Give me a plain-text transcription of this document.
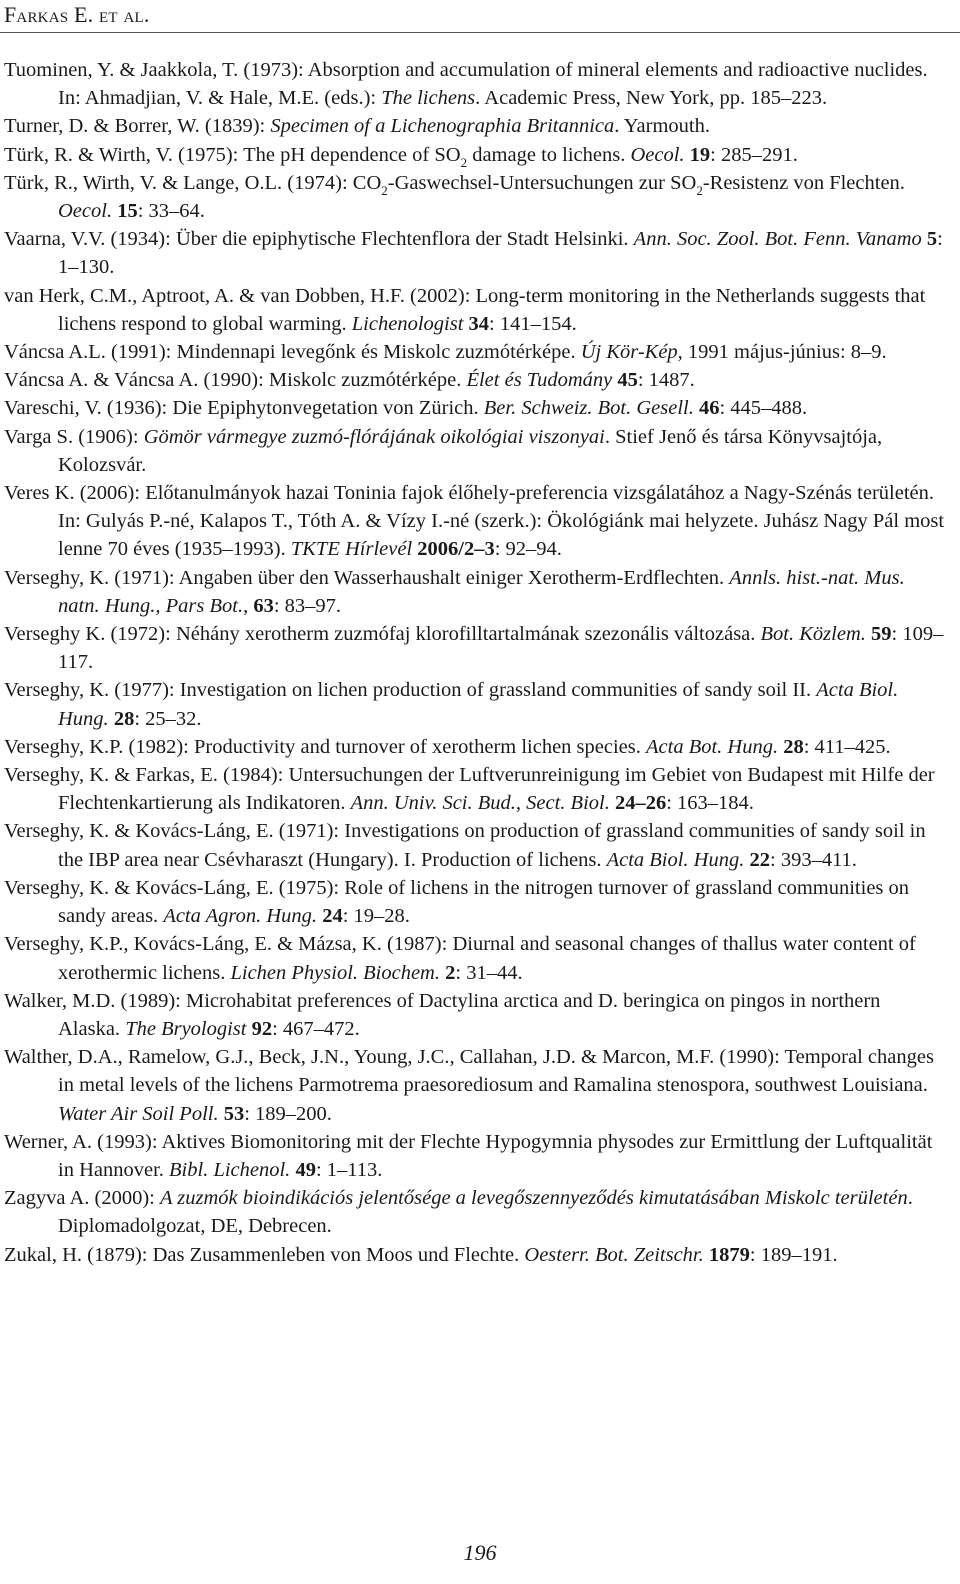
Farkas E. et al.
Tuominen, Y. & Jaakkola, T. (1973): Absorption and accumulation of mineral elements and radioactive nuclides. In: Ahmadjian, V. & Hale, M.E. (eds.): The lichens. Academic Press, New York, pp. 185–223.
Turner, D. & Borrer, W. (1839): Specimen of a Lichenographia Britannica. Yarmouth.
Türk, R. & Wirth, V. (1975): The pH dependence of $SO_2$ damage to lichens. Oecol. 19: 285–291.
Türk, R., Wirth, V. & Lange, O.L. (1974): $CO_2-Gaswechsel$-Untersuchungen zur $SO_2$-Resistenz von Flechten. Oecol. 15: 33–64.
Vaarna, V.V. (1934): Über die epiphytische Flechtenflora der Stadt Helsinki. Ann. Soc. Zool. Bot. Fenn. Vanamo 5: 1–130.
van Herk, C.M., Aptroot, A. & van Dobben, H.F. (2002): Long-term monitoring in the Netherlands suggests that lichens respond to global warming. Lichenologist 34: 141–154.
Váncsa A.L. (1991): Mindennapi levegőnk és Miskolc zuzmótérképe. Új Kör-Kép, 1991 május-június: 8–9.
Váncsa A. & Váncsa A. (1990): Miskolc zuzmótérképe. Élet és Tudomány 45: 1487.
Vareschi, V. (1936): Die Epiphytonvegetation von Zürich. Ber. Schweiz. Bot. Gesell. 46: 445–488.
Varga S. (1906): Gömör vármegye zuzmó-flórájának oikológiai viszonyai. Stief Jenő és társa Könyvsajtója, Kolozsvár.
Veres K. (2006): Előtanulmányok hazai Toninia fajok élőhely-preferencia vizsgálatához a Nagy-Szénás területén. In: Gulyás P.-né, Kalapos T., Tóth A. & Vízy I.-né (szerk.): Ökológiánk mai helyzete. Juhász Nagy Pál most lenne 70 éves (1935–1993). TKTE Hírlevél 2006/2–3: 92–94.
Verseghy, K. (1971): Angaben über den Wasserhaushalt einiger Xerotherm-Erdflechten. Annls. hist.-nat. Mus. natn. Hung., Pars Bot., 63: 83–97.
Verseghy K. (1972): Néhány xerotherm zuzmófaj klorofilltartalmának szezonális változása. Bot. Közlem. 59: 109–117.
Verseghy, K. (1977): Investigation on lichen production of grassland communities of sandy soil II. Acta Biol. Hung. 28: 25–32.
Verseghy, K.P. (1982): Productivity and turnover of xerotherm lichen species. Acta Bot. Hung. 28: 411–425.
Verseghy, K. & Farkas, E. (1984): Untersuchungen der Luftverunreinigung im Gebiet von Budapest mit Hilfe der Flechtenkartierung als Indikatoren. Ann. Univ. Sci. Bud., Sect. Biol. 24–26: 163–184.
Verseghy, K. & Kovács-Láng, E. (1971): Investigations on production of grassland communities of sandy soil in the IBP area near Csévharaszt (Hungary). I. Production of lichens. Acta Biol. Hung. 22: 393–411.
Verseghy, K. & Kovács-Láng, E. (1975): Role of lichens in the nitrogen turnover of grassland communities on sandy areas. Acta Agron. Hung. 24: 19–28.
Verseghy, K.P., Kovács-Láng, E. & Mázsa, K. (1987): Diurnal and seasonal changes of thallus water content of xerothermic lichens. Lichen Physiol. Biochem. 2: 31–44.
Walker, M.D. (1989): Microhabitat preferences of Dactylina arctica and D. beringica on pingos in northern Alaska. The Bryologist 92: 467–472.
Walther, D.A., Ramelow, G.J., Beck, J.N., Young, J.C., Callahan, J.D. & Marcon, M.F. (1990): Temporal changes in metal levels of the lichens Parmotrema praesorediosum and Ramalina stenospora, southwest Louisiana. Water Air Soil Poll. 53: 189–200.
Werner, A. (1993): Aktives Biomonitoring mit der Flechte Hypogymnia physodes zur Ermittlung der Luftqualität in Hannover. Bibl. Lichenol. 49: 1–113.
Zagyva A. (2000): A zuzmók bioindikációs jelentősége a levegőszennyeződés kimutatásában Miskolc területén. Diplomadolgozat, DE, Debrecen.
Zukal, H. (1879): Das Zusammenleben von Moos und Flechte. Oesterr. Bot. Zeitschr. 1879: 189–191.
196
